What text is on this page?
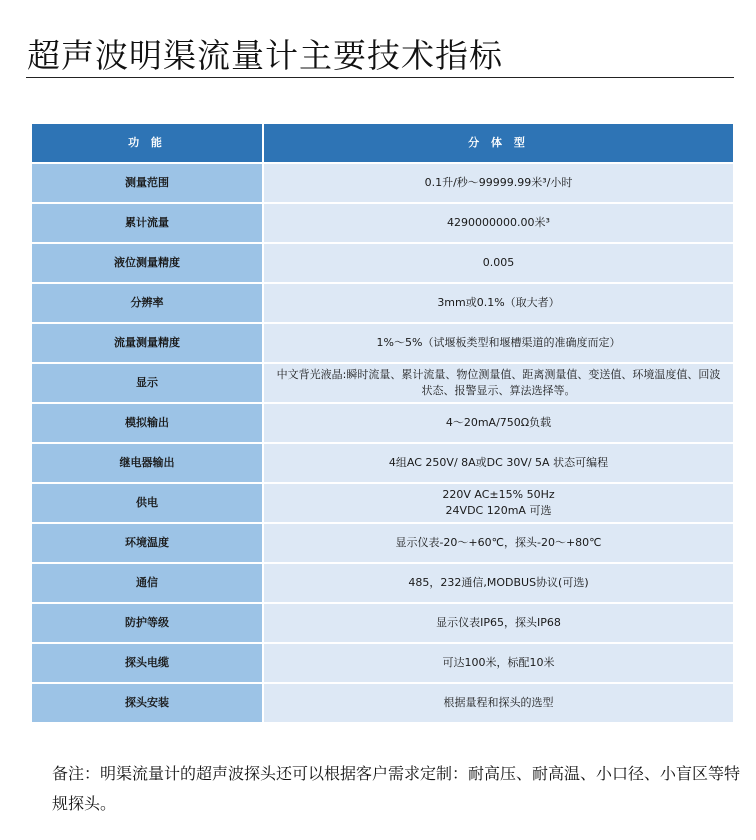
超声波明渠流量计主要技术指标
功 能	分 体 型
测量范围	0.1升/秒～99999.99米³/小时
累计流量	4290000000.00米³
液位测量精度	0.005
分辨率	3mm或0.1%（取大者）
流量测量精度	1%～5%（试堰板类型和堰槽渠道的准确度而定）
显示	中文背光液晶:瞬时流量、累计流量、物位测量值、距离测量值、变送值、环境温度值、回波
状态、报警显示、算法选择等。

模拟输出	4～20mA/750Ω负载
继电器输出	4组AC 250V/ 8A或DC 30V/ 5A 状态可编程
供电	220V AC±15% 50Hz
24VDC 120mA 可选

环境温度	显示仪表-20～+60℃，探头-20～+80℃
通信	485，232通信,MODBUS协议(可选)
防护等级	显示仪表IP65，探头IP68
探头电缆	可达100米，标配10米
探头安装	根据量程和探头的选型
备注：明渠流量计的超声波探头还可以根据客户需求定制：耐高压、耐高温、小口径、小盲区等特规探头。
